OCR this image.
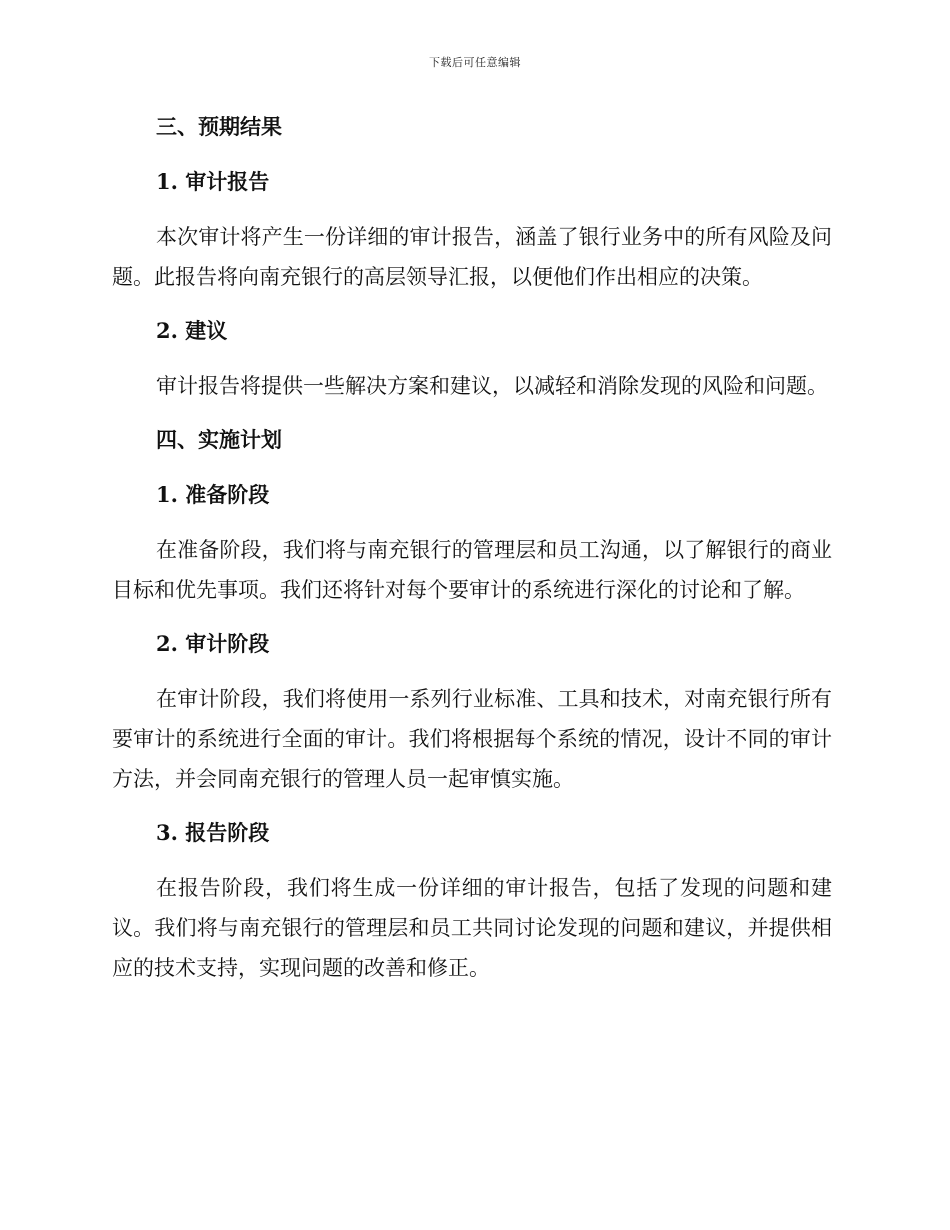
下载后可任意编辑
三、预期结果
1. 审计报告

本次审计将产生一份详细的审计报告，涵盖了银行业务中的所有风险及问题。此报告将向南充银行的高层领导汇报，以便他们作出相应的决策。

2. 建议

审计报告将提供一些解决方案和建议，以减轻和消除发现的风险和问题。

四、实施计划
1. 准备阶段

在准备阶段，我们将与南充银行的管理层和员工沟通，以了解银行的商业目标和优先事项。我们还将针对每个要审计的系统进行深化的讨论和了解。

2. 审计阶段

在审计阶段，我们将使用一系列行业标准、工具和技术，对南充银行所有要审计的系统进行全面的审计。我们将根据每个系统的情况，设计不同的审计方法，并会同南充银行的管理人员一起审慎实施。

3. 报告阶段

在报告阶段，我们将生成一份详细的审计报告，包括了发现的问题和建议。我们将与南充银行的管理层和员工共同讨论发现的问题和建议，并提供相应的技术支持，实现问题的改善和修正。
